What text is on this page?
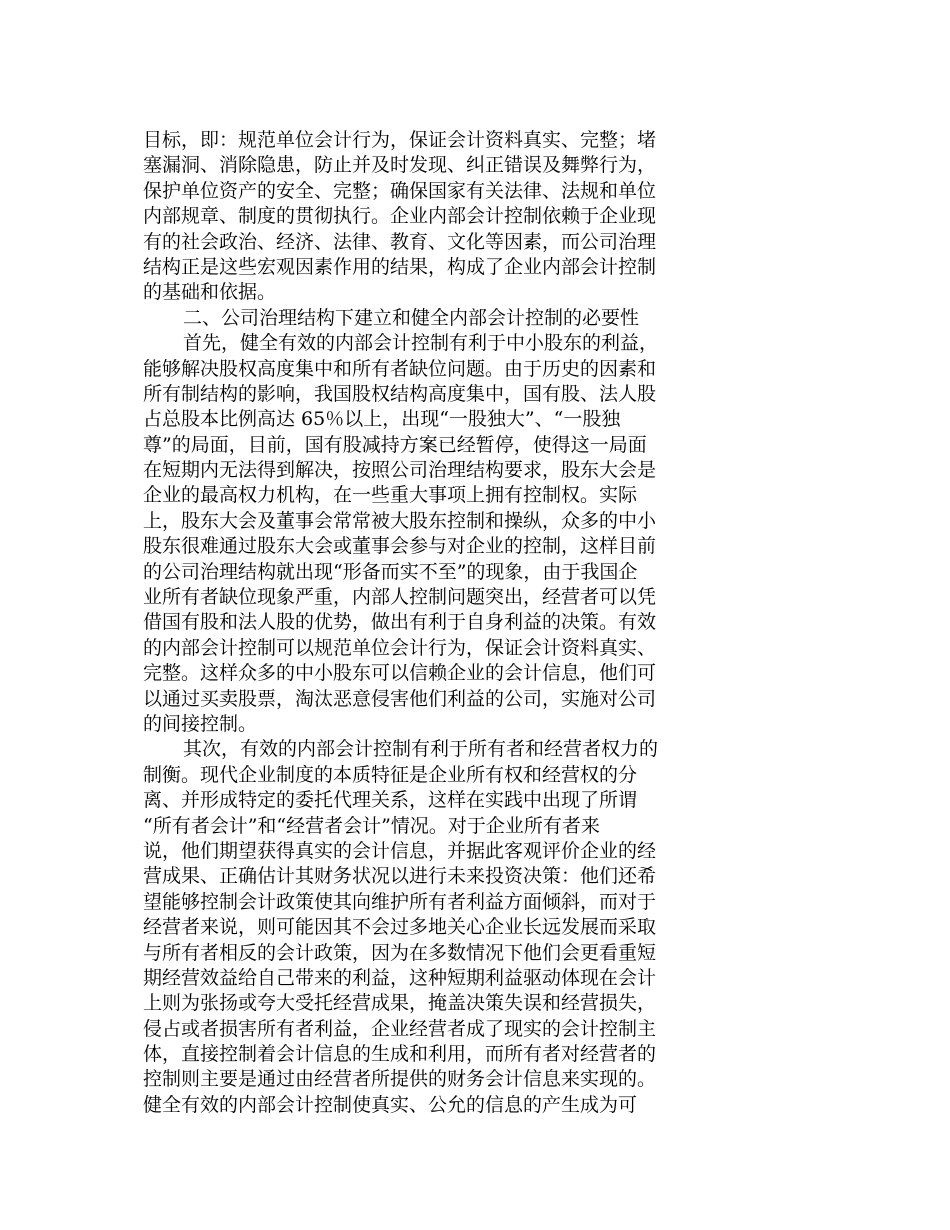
目标，即：规范单位会计行为，保证会计资料真实、完整；堵
塞漏洞、消除隐患，防止并及时发现、纠正错误及舞弊行为，
保护单位资产的安全、完整；确保国家有关法律、法规和单位
内部规章、制度的贯彻执行。企业内部会计控制依赖于企业现
有的社会政治、经济、法律、教育、文化等因素，而公司治理
结构正是这些宏观因素作用的结果，构成了企业内部会计控制
的基础和依据。
二、公司治理结构下建立和健全内部会计控制的必要性
首先，健全有效的内部会计控制有利于中小股东的利益，
能够解决股权高度集中和所有者缺位问题。由于历史的因素和
所有制结构的影响，我国股权结构高度集中，国有股、法人股
占总股本比例高达 65％以上，出现“一股独大”、“一股独
尊”的局面，目前，国有股减持方案已经暂停，使得这一局面
在短期内无法得到解决，按照公司治理结构要求，股东大会是
企业的最高权力机构，在一些重大事项上拥有控制权。实际
上，股东大会及董事会常常被大股东控制和操纵，众多的中小
股东很难通过股东大会或董事会参与对企业的控制，这样目前
的公司治理结构就出现“形备而实不至”的现象，由于我国企
业所有者缺位现象严重，内部人控制问题突出，经营者可以凭
借国有股和法人股的优势，做出有利于自身利益的决策。有效
的内部会计控制可以规范单位会计行为，保证会计资料真实、
完整。这样众多的中小股东可以信赖企业的会计信息，他们可
以通过买卖股票，淘汰恶意侵害他们利益的公司，实施对公司
的间接控制。
其次，有效的内部会计控制有利于所有者和经营者权力的
制衡。现代企业制度的本质特征是企业所有权和经营权的分
离、并形成特定的委托代理关系，这样在实践中出现了所谓
“所有者会计”和“经营者会计”情况。对于企业所有者来
说，他们期望获得真实的会计信息，并据此客观评价企业的经
营成果、正确估计其财务状况以进行未来投资决策：他们还希
望能够控制会计政策使其向维护所有者利益方面倾斜，而对于
经营者来说，则可能因其不会过多地关心企业长远发展而采取
与所有者相反的会计政策，因为在多数情况下他们会更看重短
期经营效益给自己带来的利益，这种短期利益驱动体现在会计
上则为张扬或夸大受托经营成果，掩盖决策失误和经营损失，
侵占或者损害所有者利益，企业经营者成了现实的会计控制主
体，直接控制着会计信息的生成和利用，而所有者对经营者的
控制则主要是通过由经营者所提供的财务会计信息来实现的。
健全有效的内部会计控制使真实、公允的信息的产生成为可
